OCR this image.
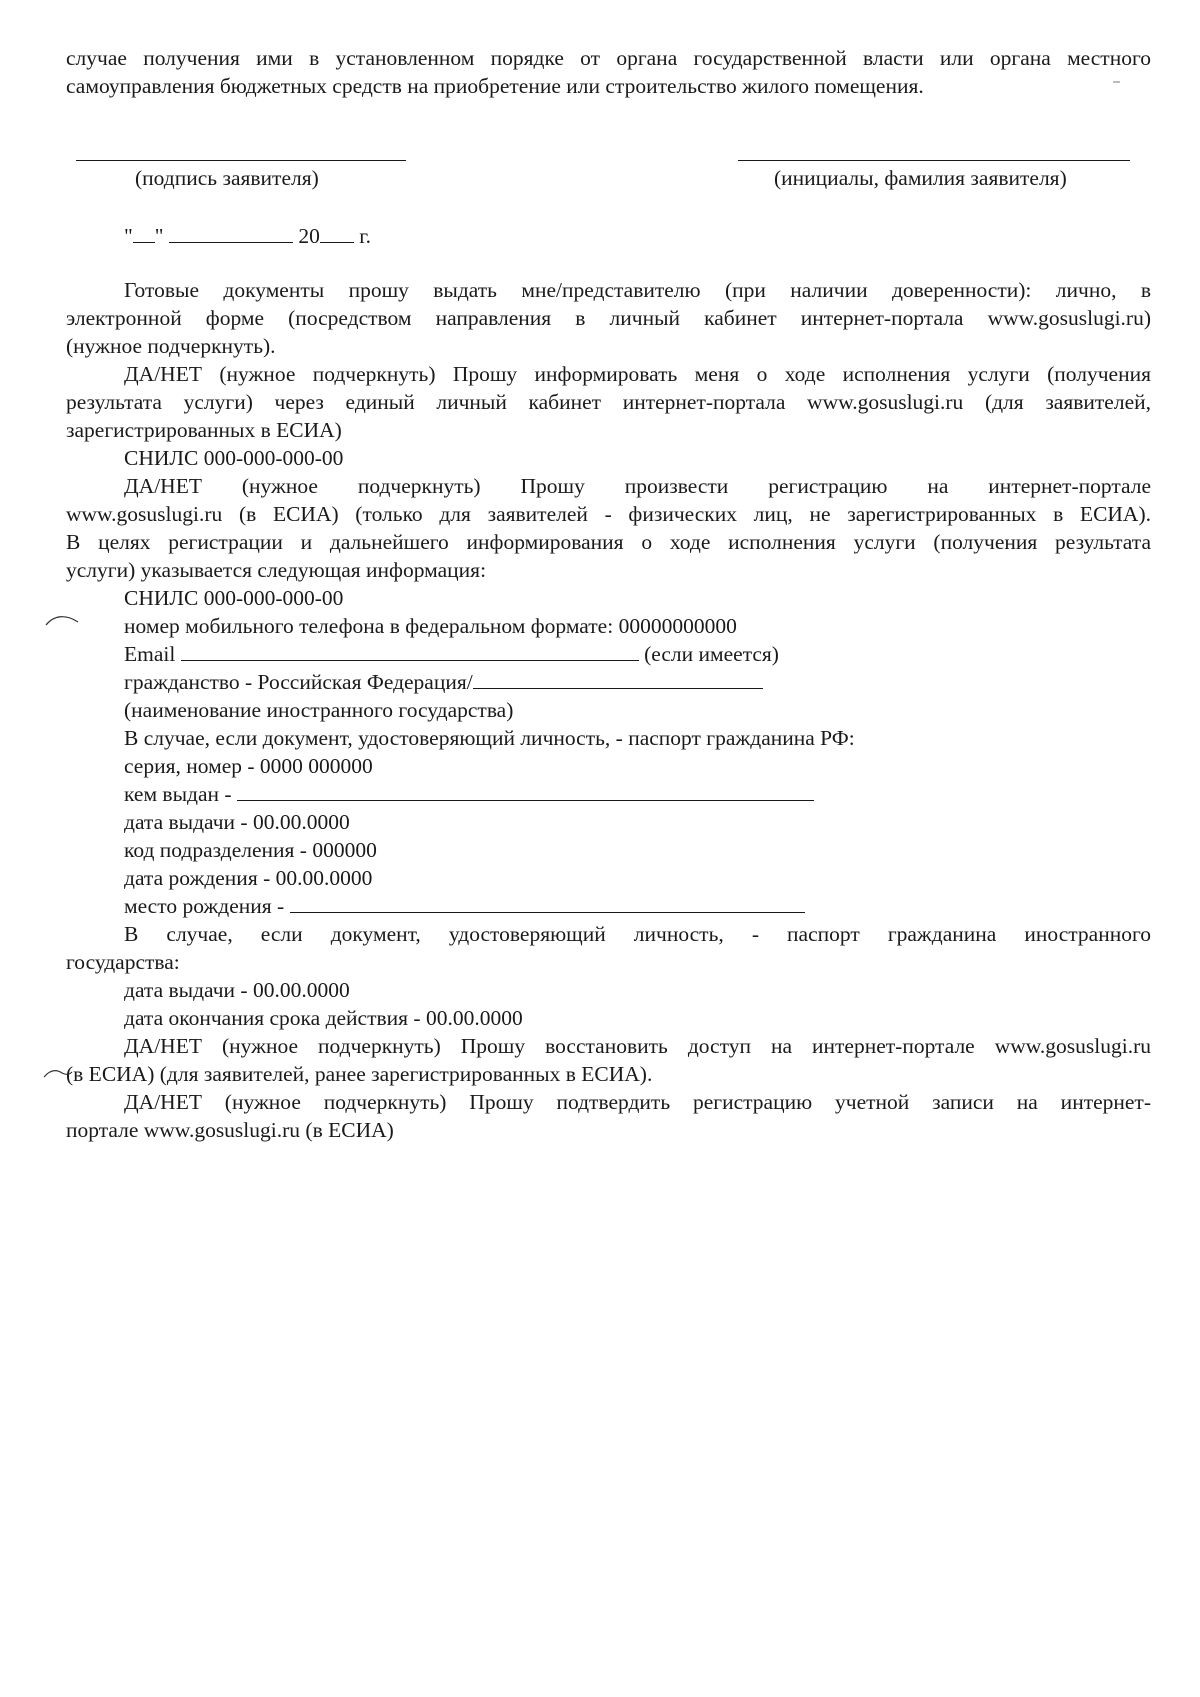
случае получения ими в установленном порядке от органа государственной власти или органа местного
самоуправления бюджетных средств на приобретение или строительство жилого помещения.
(подпись заявителя)	(инициалы, фамилия заявителя)
" "	20 г.
Готовые документы прошу выдать мне/представителю (при наличии доверенности): лично, в
электронной форме (посредством направления в личный кабинет интернет-портала www.gosuslugi.ru)
(нужное подчеркнуть).
ДА/НЕТ (нужное подчеркнуть) Прошу информировать меня о ходе исполнения услуги (получения
результата услуги) через единый личный кабинет интернет-портала www.gosuslugi.ru (для заявителей,
зарегистрированных в ЕСИА)
СНИЛС 000-000-000-00
ДА/НЕТ (нужное подчеркнуть) Прошу произвести регистрацию на интернет-портале
www.gosuslugi.ru (в ЕСИА) (только для заявителей - физических лиц, не зарегистрированных в ЕСИА).
В целях регистрации и дальнейшего информирования о ходе исполнения услуги (получения результата
услуги) указывается следующая информация:
СНИЛС 000-000-000-00
номер мобильного телефона в федеральном формате: 00000000000
Email	(если имеется)
гражданство - Российская Федерация/
(наименование иностранного государства)
В случае, если документ, удостоверяющий личность, - паспорт гражданина РФ:
серия, номер - 0000 000000
кем выдан -
дата выдачи - 00.00.0000
код подразделения - 000000
дата рождения - 00.00.0000
место рождения -
В случае, если документ, удостоверяющий личность, - паспорт гражданина иностранного
государства:
дата выдачи - 00.00.0000
дата окончания срока действия - 00.00.0000
ДА/НЕТ (нужное подчеркнуть) Прошу восстановить доступ на интернет-портале www.gosuslugi.ru
(в ЕСИА) (для заявителей, ранее зарегистрированных в ЕСИА).
ДА/НЕТ (нужное подчеркнуть) Прошу подтвердить регистрацию учетной записи на интернет-
портале www.gosuslugi.ru (в ЕСИА)
